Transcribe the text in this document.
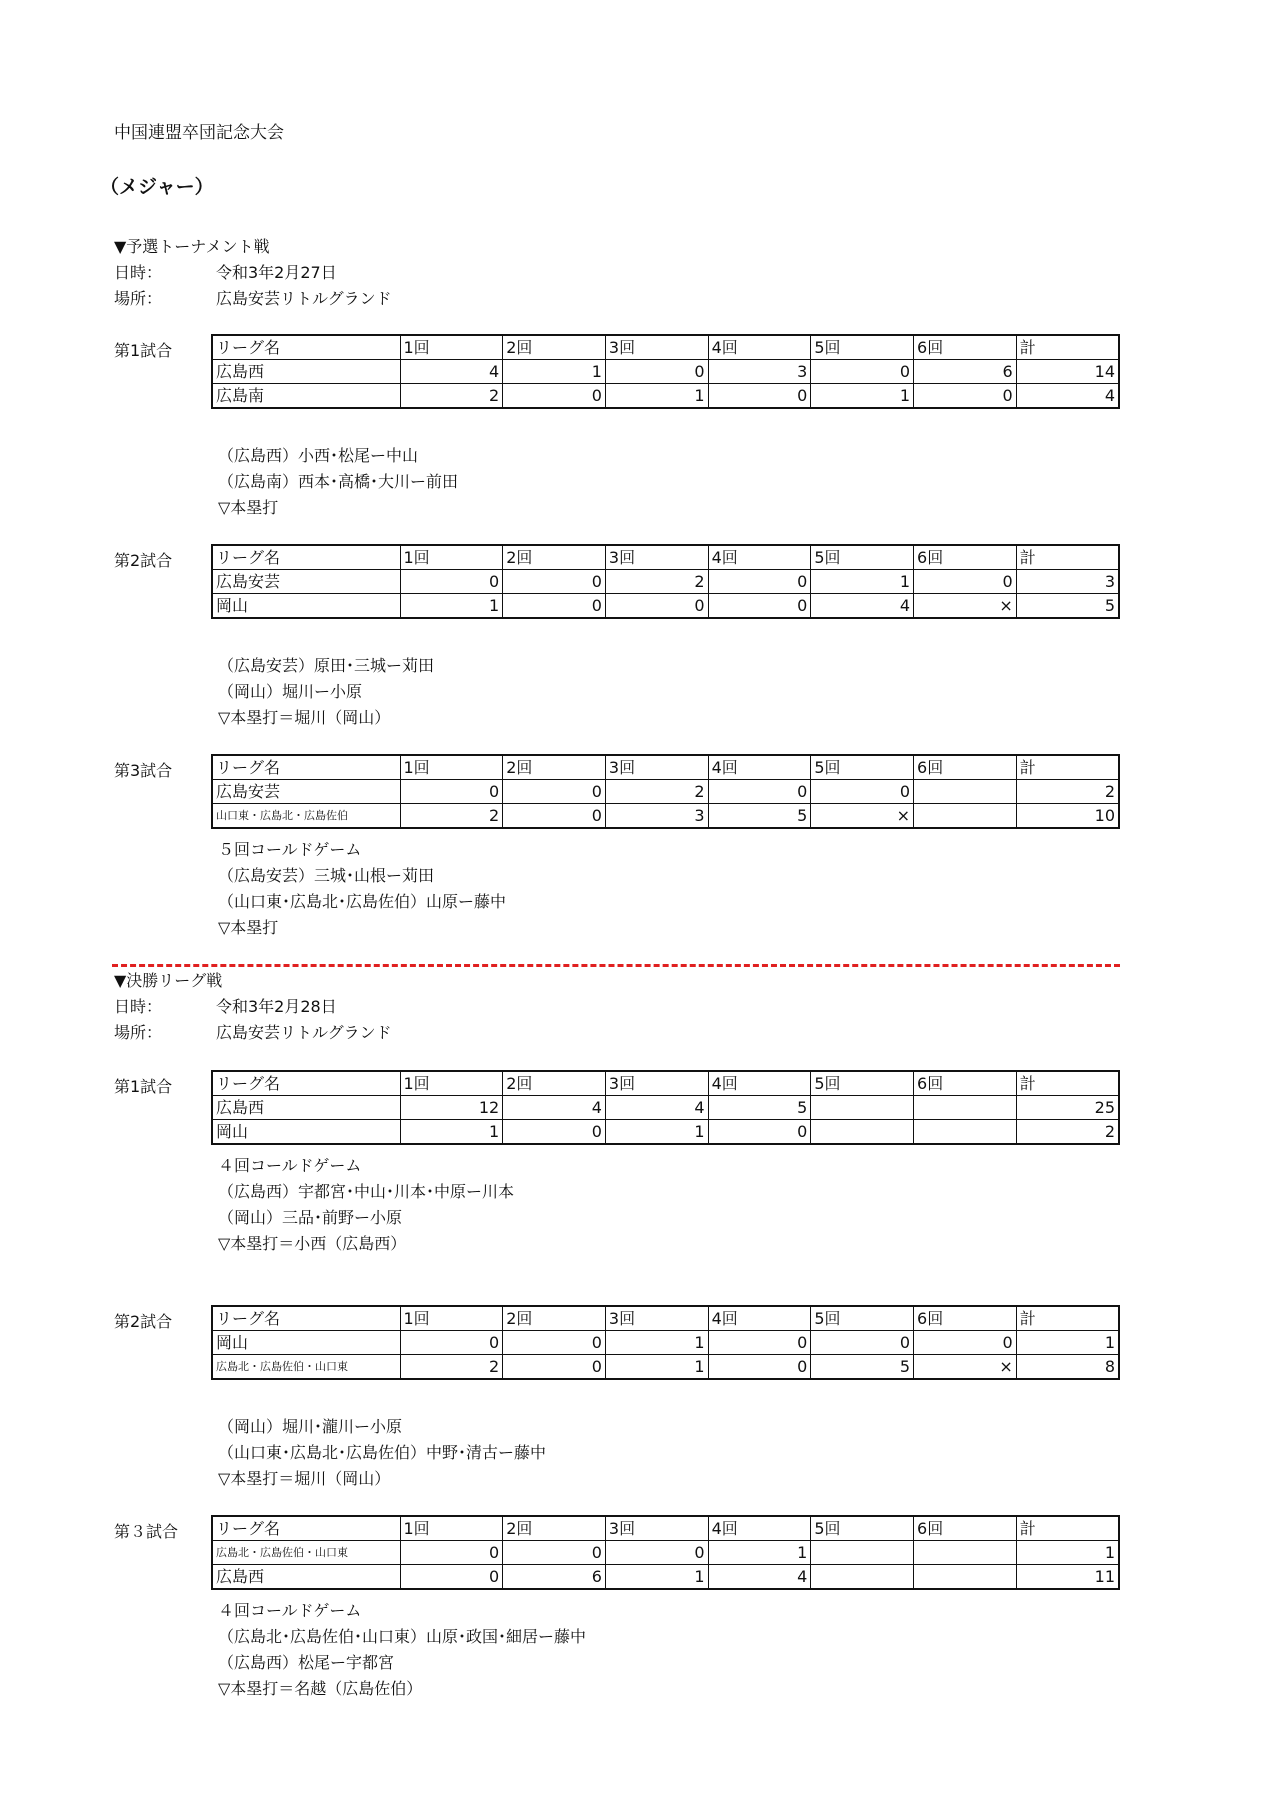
中国連盟卒団記念大会
（メジャー）
▼予選トーナメント戦
日時：	令和3年2月27日
場所：	広島安芸リトルグランド
第1試合	リーグ名	1回	2回	3回	4回	5回	6回	計
広島西	4	1	0	3	0	6	14
広島南	2	0	1	0	1	0	4
（広島西）小西･松尾ー中山
（広島南）西本･高橋･大川ー前田
▽本塁打
第2試合	リーグ名	1回	2回	3回	4回	5回	6回	計
広島安芸	0	0	2	0	1	0	3
岡山	1	0	0	0	4	×	5
（広島安芸）原田･三城ー苅田
（岡山）堀川ー小原
▽本塁打＝堀川（岡山）
第3試合	リーグ名	1回	2回	3回	4回	5回	6回	計
広島安芸	0	0	2	0	0		2
山口東・広島北・広島佐伯	2	0	3	5	×		10
５回コールドゲーム
（広島安芸）三城･山根ー苅田
（山口東･広島北･広島佐伯）山原ー藤中
▽本塁打
▼決勝リーグ戦
日時：	令和3年2月28日
場所：	広島安芸リトルグランド
第1試合	リーグ名	1回	2回	3回	4回	5回	6回	計
広島西	12	4	4	5			25
岡山	1	0	1	0			2
４回コールドゲーム
（広島西）宇都宮･中山･川本･中原ー川本
（岡山）三品･前野ー小原
▽本塁打＝小西（広島西）
第2試合	リーグ名	1回	2回	3回	4回	5回	6回	計
岡山	0	0	1	0	0	0	1
広島北・広島佐伯・山口東	2	0	1	0	5	×	8
（岡山）堀川･瀧川ー小原
（山口東･広島北･広島佐伯）中野･清古ー藤中
▽本塁打＝堀川（岡山）
第３試合 リーグ名	1回	2回	3回	4回	5回	6回	計
広島北・広島佐伯・山口東	0	0	0	1			1
広島西	0	6	1	4			11
４回コールドゲーム
（広島北･広島佐伯･山口東）山原･政国･細居ー藤中
（広島西）松尾ー宇都宮
▽本塁打＝名越（広島佐伯）
